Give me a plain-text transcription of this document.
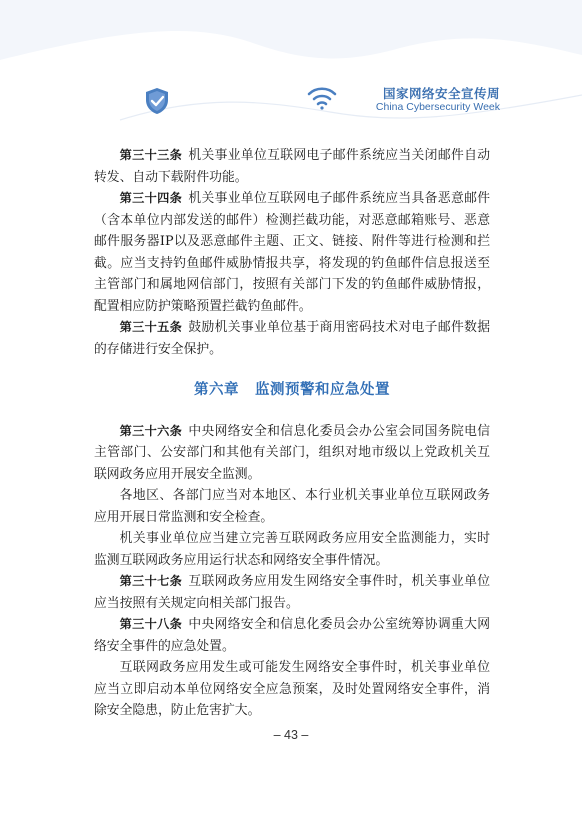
国家网络安全宣传周
China Cybersecurity Week

第三十三条 机关事业单位互联网电子邮件系统应当关闭邮件自动转发、自动下载附件功能。

第三十四条 机关事业单位互联网电子邮件系统应当具备恶意邮件（含本单位内部发送的邮件）检测拦截功能，对恶意邮箱账号、恶意邮件服务器IP以及恶意邮件主题、正文、链接、附件等进行检测和拦截。应当支持钓鱼邮件威胁情报共享，将发现的钓鱼邮件信息报送至主管部门和属地网信部门，按照有关部门下发的钓鱼邮件威胁情报，配置相应防护策略预置拦截钓鱼邮件。

第三十五条 鼓励机关事业单位基于商用密码技术对电子邮件数据的存储进行安全保护。

第六章 监测预警和应急处置

第三十六条 中央网络安全和信息化委员会办公室会同国务院电信主管部门、公安部门和其他有关部门，组织对地市级以上党政机关互联网政务应用开展安全监测。

各地区、各部门应当对本地区、本行业机关事业单位互联网政务应用开展日常监测和安全检查。

机关事业单位应当建立完善互联网政务应用安全监测能力，实时监测互联网政务应用运行状态和网络安全事件情况。

第三十七条 互联网政务应用发生网络安全事件时，机关事业单位应当按照有关规定向相关部门报告。

第三十八条 中央网络安全和信息化委员会办公室统筹协调重大网络安全事件的应急处置。

互联网政务应用发生或可能发生网络安全事件时，机关事业单位应当立即启动本单位网络安全应急预案，及时处置网络安全事件，消除安全隐患，防止危害扩大。

– 43 –
